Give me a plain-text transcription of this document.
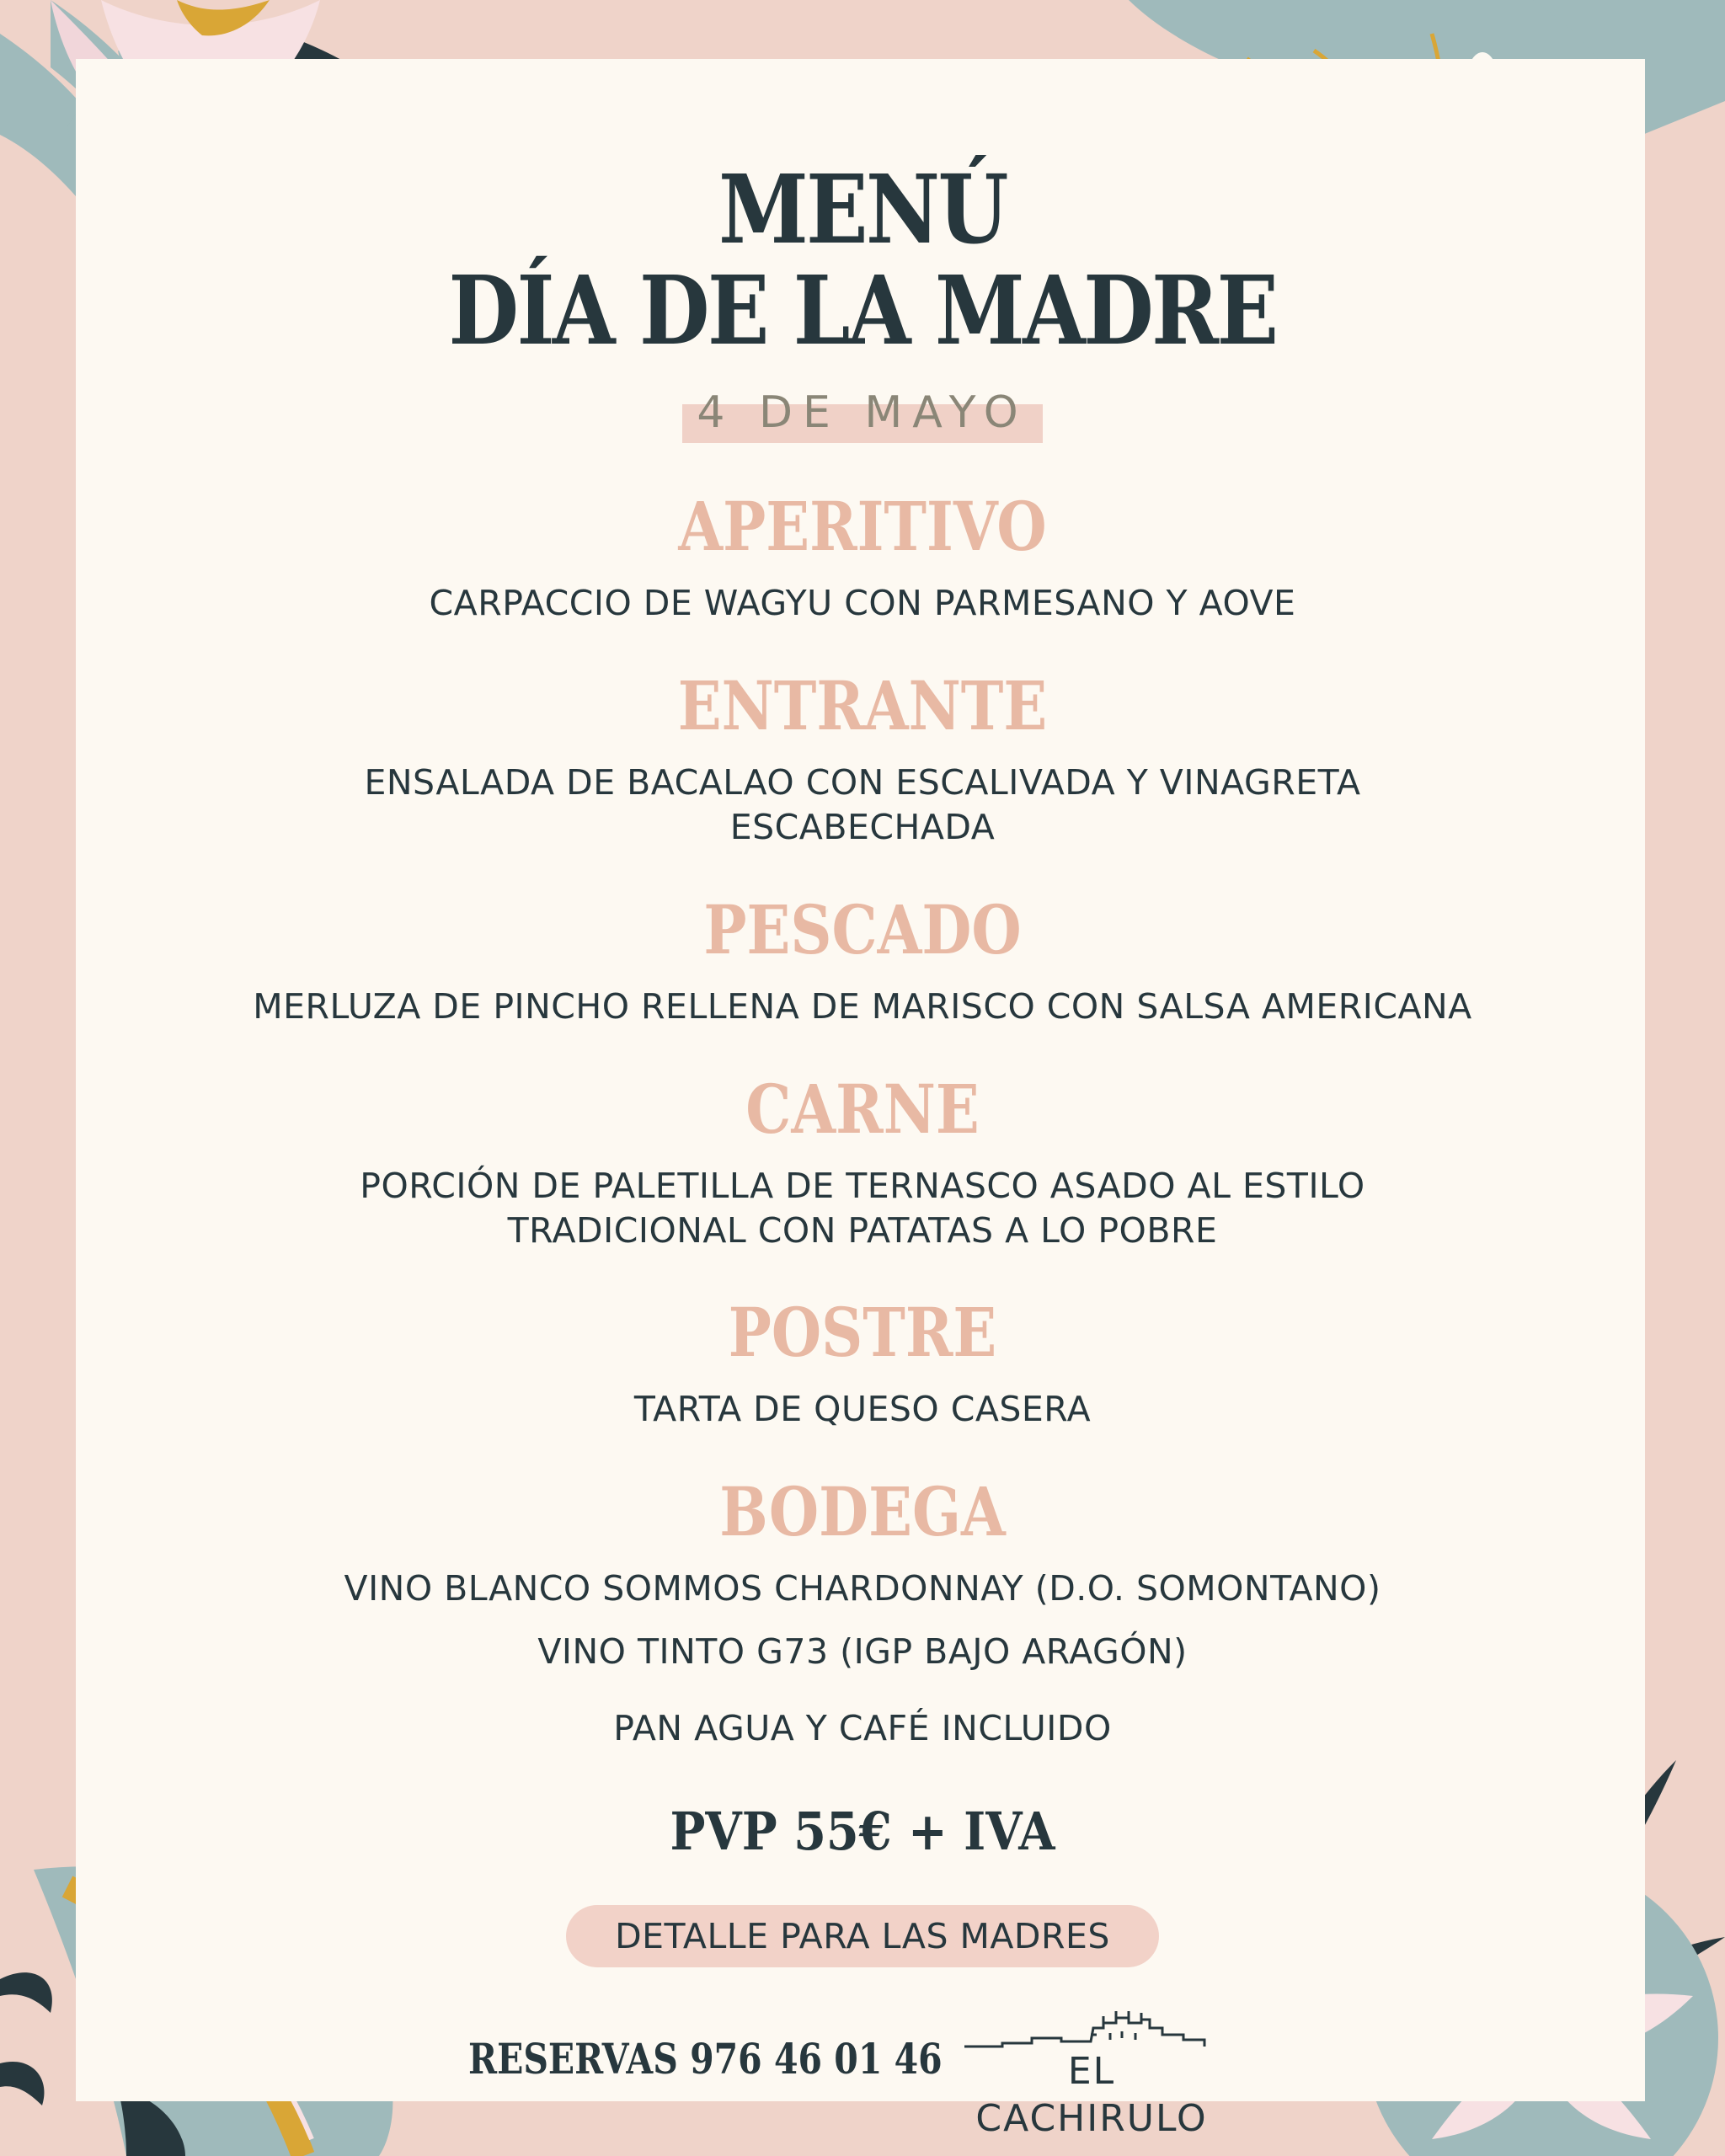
MENÚ
DÍA DE LA MADRE
4 DE MAYO
APERITIVO
CARPACCIO DE WAGYU CON PARMESANO Y AOVE
ENTRANTE
ENSALADA DE BACALAO CON ESCALIVADA Y VINAGRETA
ESCABECHADA
PESCADO
MERLUZA DE PINCHO RELLENA DE MARISCO CON SALSA AMERICANA
CARNE
PORCIÓN DE PALETILLA DE TERNASCO ASADO AL ESTILO
TRADICIONAL CON PATATAS A LO POBRE
POSTRE
TARTA DE QUESO CASERA
BODEGA
VINO BLANCO SOMMOS CHARDONNAY (D.O. SOMONTANO)
VINO TINTO G73 (IGP BAJO ARAGÓN)
PAN AGUA Y CAFÉ INCLUIDO
PVP 55€ + IVA
DETALLE PARA LAS MADRES
RESERVAS 976 46 01 46	EL CACHIRULO
